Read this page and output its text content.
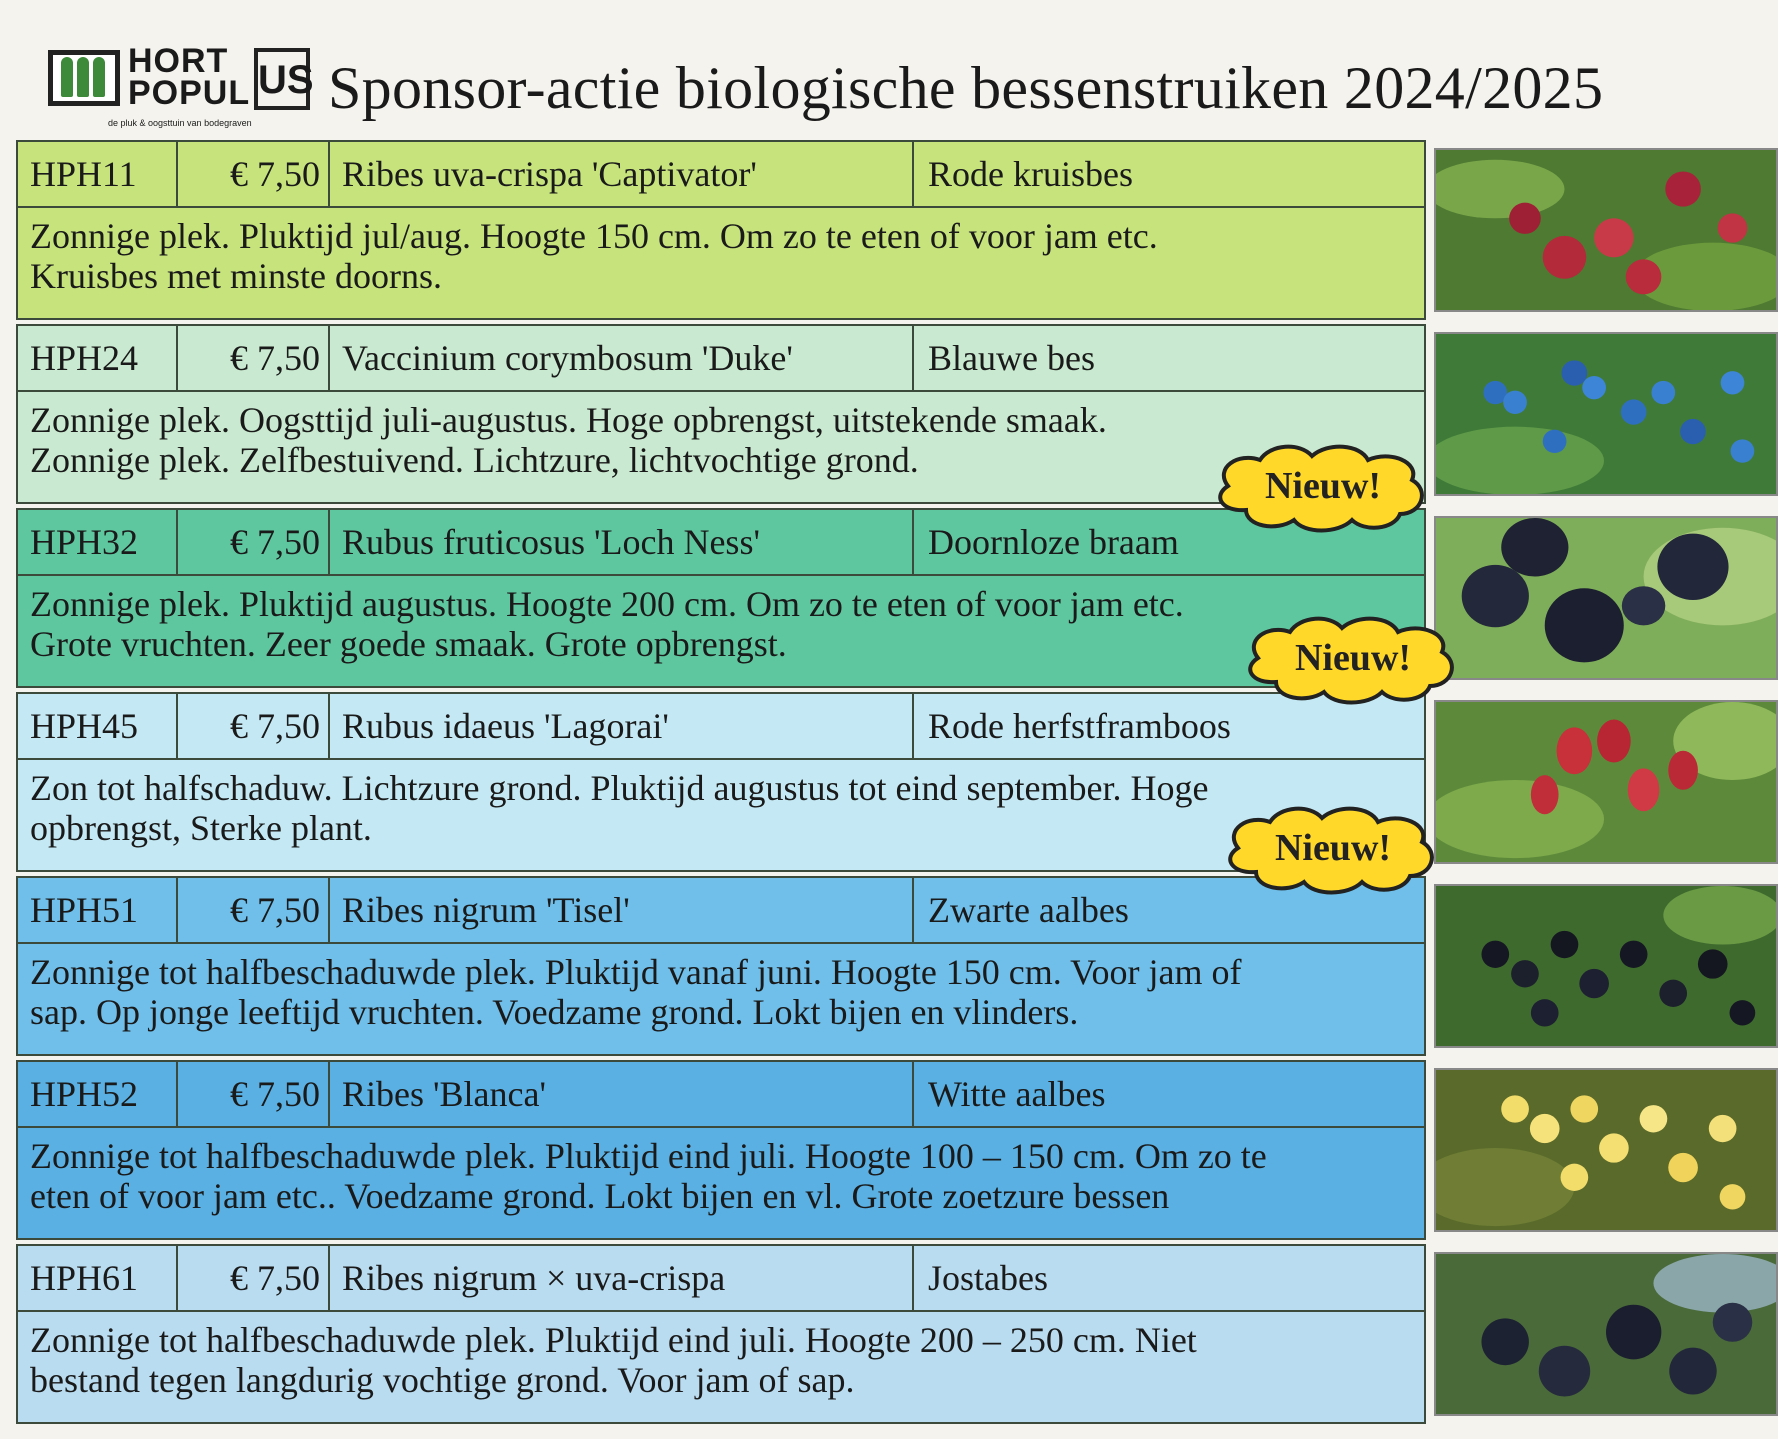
HORT
POPUL US
de pluk & oogsttuin van bodegraven
Sponsor-actie biologische bessenstruiken 2024/2025
HPH11	€ 7,50 Ribes uva-crispa 'Captivator'	Rode kruisbes
Zonnige plek. Pluktijd jul/aug. Hoogte 150 cm. Om zo te eten of voor jam etc.
Kruisbes met minste doorns.
HPH24	€ 7,50 Vaccinium corymbosum 'Duke'	Blauwe bes
Zonnige plek. Oogsttijd juli-augustus. Hoge opbrengst, uitstekende smaak.
Zonnige plek. Zelfbestuivend. Lichtzure, lichtvochtige grond.
HPH32	€ 7,50 Rubus fruticosus 'Loch Ness'	Doornloze braam
Zonnige plek. Pluktijd augustus. Hoogte 200 cm. Om zo te eten of voor jam etc.
Grote vruchten. Zeer goede smaak. Grote opbrengst.
HPH45	€ 7,50 Rubus idaeus 'Lagorai'	Rode herfstframboos
Zon tot halfschaduw. Lichtzure grond. Pluktijd augustus tot eind september. Hoge
opbrengst, Sterke plant.
HPH51	€ 7,50 Ribes nigrum 'Tisel'	Zwarte aalbes
Zonnige tot halfbeschaduwde plek. Pluktijd vanaf juni. Hoogte 150 cm. Voor jam of
sap. Op jonge leeftijd vruchten. Voedzame grond. Lokt bijen en vlinders.
HPH52	€ 7,50 Ribes 'Blanca'	Witte aalbes
Zonnige tot halfbeschaduwde plek. Pluktijd eind juli. Hoogte 100 – 150 cm. Om zo te
eten of voor jam etc.. Voedzame grond. Lokt bijen en vl. Grote zoetzure bessen
HPH61	€ 7,50 Ribes nigrum × uva-crispa	Jostabes
Zonnige tot halfbeschaduwde plek. Pluktijd eind juli. Hoogte 200 – 250 cm. Niet
bestand tegen langdurig vochtige grond. Voor jam of sap.
Nieuw!
Nieuw!
Nieuw!
